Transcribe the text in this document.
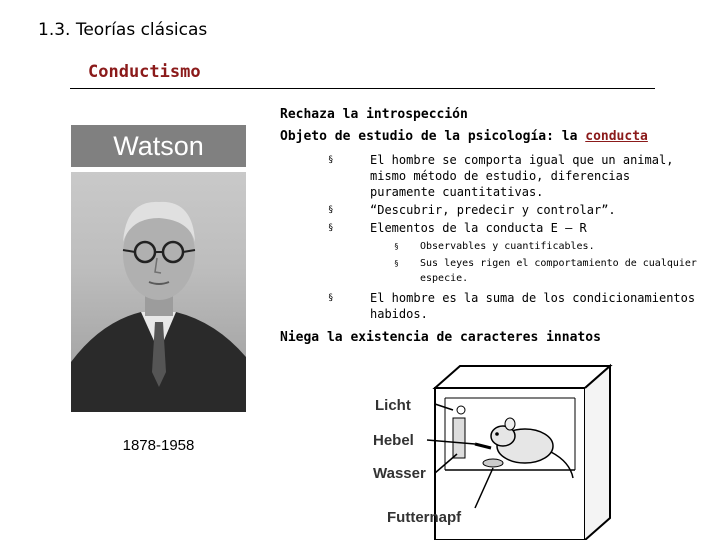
1.3. Teorías clásicas
Conductismo
Watson
1878-1958
Rechaza la introspección
Objeto de estudio de la psicología: la conducta
§	El hombre se comporta igual que un animal, mismo método de estudio, diferencias puramente cuantitativas.
§	“Descubrir, predecir y controlar”.
§	Elementos de la conducta E – R
§ Observables y cuantificables.
§ Sus leyes rigen el comportamiento de cualquier especie.
§	El hombre es la suma de los condicionamientos habidos.
Niega la existencia de caracteres innatos
Licht
Hebel
Wasser
Futternapf
